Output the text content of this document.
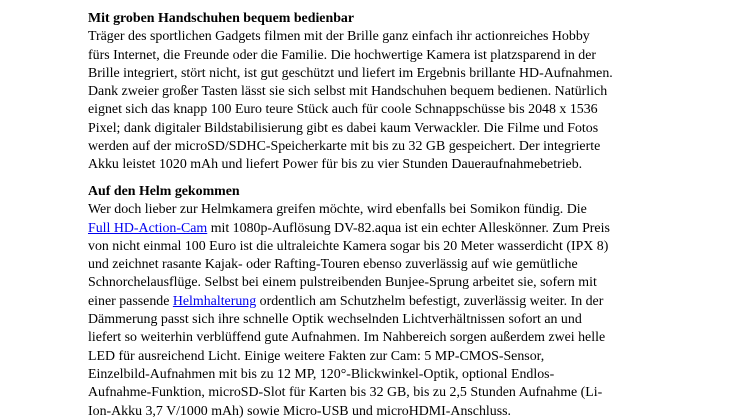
Mit groben Handschuhen bequem bedienbar
Träger des sportlichen Gadgets filmen mit der Brille ganz einfach ihr actionreiches Hobby
fürs Internet, die Freunde oder die Familie. Die hochwertige Kamera ist platzsparend in der
Brille integriert, stört nicht, ist gut geschützt und liefert im Ergebnis brillante HD-Aufnahmen.
Dank zweier großer Tasten lässt sie sich selbst mit Handschuhen bequem bedienen. Natürlich
eignet sich das knapp 100 Euro teure Stück auch für coole Schnappschüsse bis 2048 x 1536
Pixel; dank digitaler Bildstabilisierung gibt es dabei kaum Verwackler. Die Filme und Fotos
werden auf der microSD/SDHC-Speicherkarte mit bis zu 32 GB gespeichert. Der integrierte
Akku leistet 1020 mAh und liefert Power für bis zu vier Stunden Daueraufnahmebetrieb.
Auf den Helm gekommen
Wer doch lieber zur Helmkamera greifen möchte, wird ebenfalls bei Somikon fündig. Die
Full HD-Action-Cam mit 1080p-Auflösung DV-82.aqua ist ein echter Alleskönner. Zum Preis
von nicht einmal 100 Euro ist die ultraleichte Kamera sogar bis 20 Meter wasserdicht (IPX 8)
und zeichnet rasante Kajak- oder Rafting-Touren ebenso zuverlässig auf wie gemütliche
Schnorchelausflüge. Selbst bei einem pulstreibenden Bunjee-Sprung arbeitet sie, sofern mit
einer passende Helmhalterung ordentlich am Schutzhelm befestigt, zuverlässig weiter. In der
Dämmerung passt sich ihre schnelle Optik wechselnden Lichtverhältnissen sofort an und
liefert so weiterhin verblüffend gute Aufnahmen. Im Nahbereich sorgen außerdem zwei helle
LED für ausreichend Licht. Einige weitere Fakten zur Cam: 5 MP-CMOS-Sensor,
Einzelbild-Aufnahmen mit bis zu 12 MP, 120°-Blickwinkel-Optik, optional Endlos-
Aufnahme-Funktion, microSD-Slot für Karten bis 32 GB, bis zu 2,5 Stunden Aufnahme (Li-
Ion-Akku 3,7 V/1000 mAh) sowie Micro-USB und microHDMI-Anschluss.
